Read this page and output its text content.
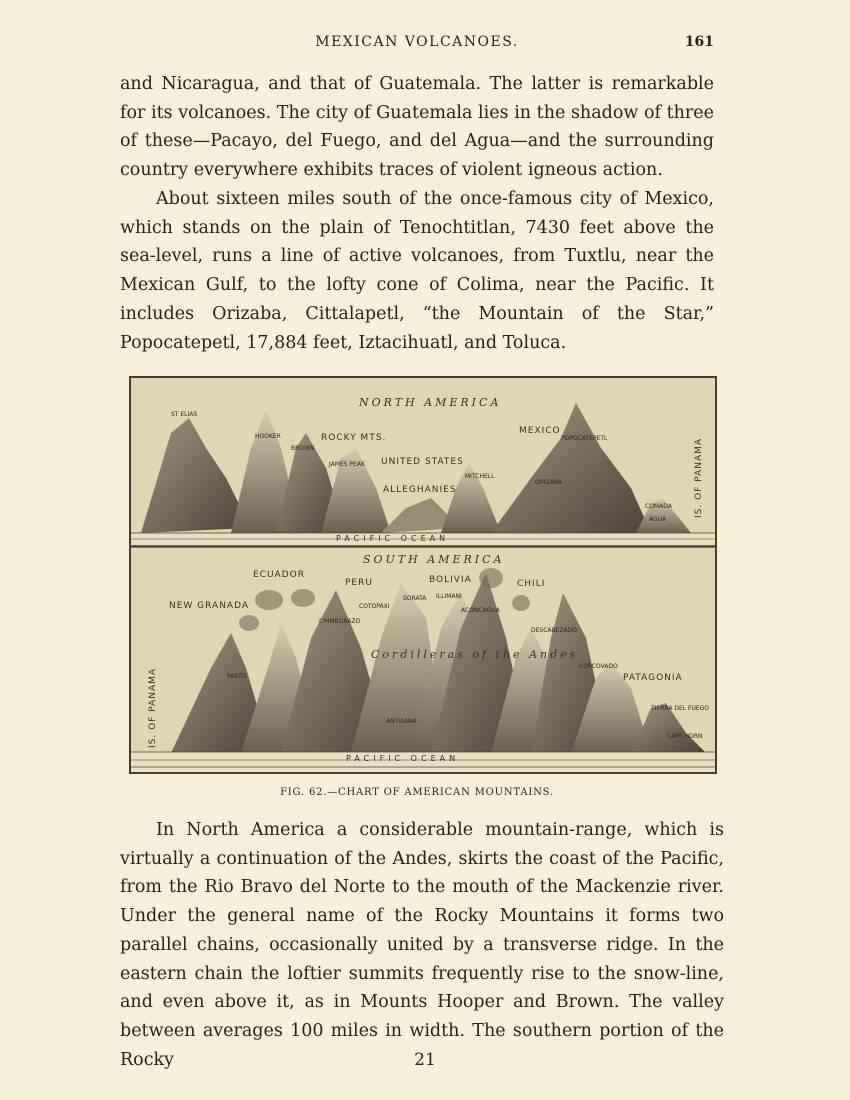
MEXICAN VOLCANOES.	161

and Nicaragua, and that of Guatemala. The latter is remarkable for its volcanoes. The city of Guatemala lies in the shadow of three of these—Pacayo, del Fuego, and del Agua—and the surrounding country everywhere exhibits traces of violent igneous action.

About sixteen miles south of the once-famous city of Mexico, which stands on the plain of Tenochtitlan, 7430 feet above the sea-level, runs a line of active volcanoes, from Tuxtlu, near the Mexican Gulf, to the lofty cone of Colima, near the Pacific. It includes Orizaba, Cittalapetl, “the Mountain of the Star,” Popocatepetl, 17,884 feet, Iztacihuatl, and Toluca.

NORTH AMERICA
PACIFIC OCEAN
IS. OF PANAMA
ST ELIAS
HOOKER	ROCKY MTS.
BROWN
JAMES PEAK UNITED STATES
ALLEGHANIES
MITCHELL
MEXICO
POPOCATEPETL
ORIZABA
COMADA
AGUA
SOUTH AMERICA
PACIFIC OCEAN
IS. OF PANAMA
ECUADOR
PERU	BOLIVIA	CHILI
NEW GRANADA
PATAGONIA
Cordilleras of the Andes
CHIMBORAZO
COTOPAXI
SORATA ILLIMANI
ACONCAGUA
DESCABEZADO
CORCOVADO
PASTO
ANTISANA
TIERRA DEL FUEGO
CAPE HORN
FIG. 62.—CHART OF AMERICAN MOUNTAINS.

In North America a considerable mountain-range, which is virtually a continuation of the Andes, skirts the coast of the Pacific, from the Rio Bravo del Norte to the mouth of the Mackenzie river. Under the general name of the Rocky Mountains it forms two parallel chains, occasionally united by a transverse ridge. In the eastern chain the loftier summits frequently rise to the snow-line, and even above it, as in Mounts Hooper and Brown. The valley between averages 100 miles in width. The southern portion of the Rocky	21
